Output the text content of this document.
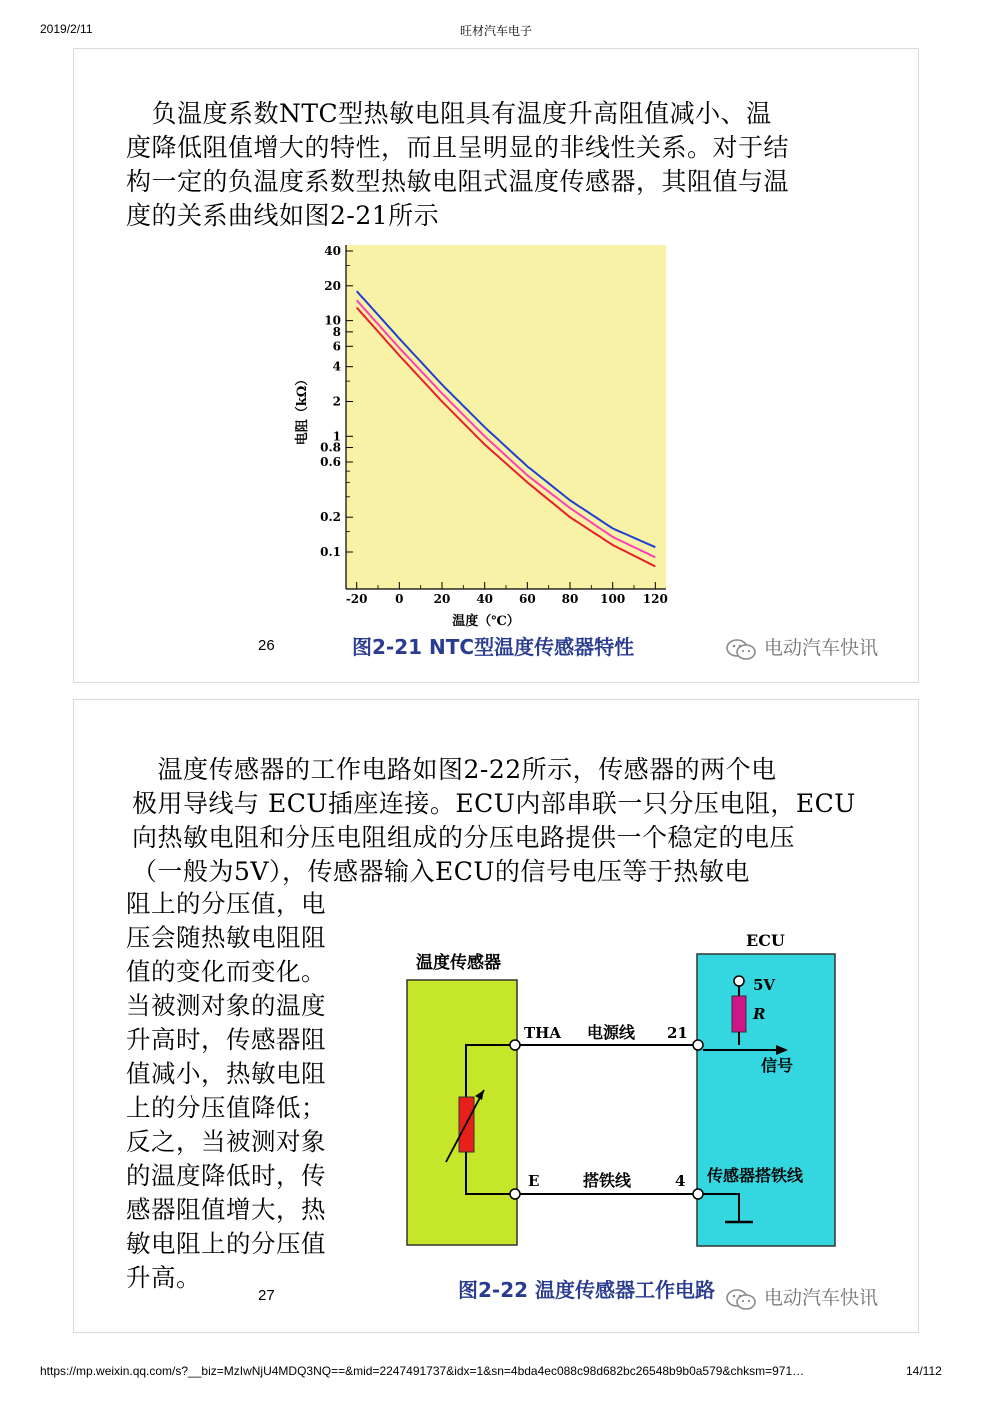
2019/2/11	旺材汽车电子
　负温度系数NTC型热敏电阻具有温度升高阻值减小、温
度降低阻值增大的特性，而且呈明显的非线性关系。对于结
构一定的负温度系数型热敏电阻式温度传感器，其阻值与温
度的关系曲线如图2-21所示
40
20
10
8
6
4
2
1
0.8
0.6
0.2
0.1
-20 0	20 40 60 80 100 120
温度（℃）
电阻（kΩ）
26	图2-21 NTC型温度传感器特性	电动汽车快讯
　温度传感器的工作电路如图2-22所示，传感器的两个电
极用导线与 ECU插座连接。ECU内部串联一只分压电阻，ECU
向热敏电阻和分压电阻组成的分压电路提供一个稳定的电压
（一般为5V），传感器输入ECU的信号电压等于热敏电
阻上的分压值，电
压会随热敏电阻阻
值的变化而变化。
当被测对象的温度
升高时，传感器阻
值减小，热敏电阻
上的分压值降低；
反之，当被测对象
的温度降低时，传
感器阻值增大，热
敏电阻上的分压值
升高。
温度传感器
ECU
THA 电源线 21
E	搭铁线	4
5V
R
信号
传感器搭铁线
27	图2-22 温度传感器工作电路	电动汽车快讯
https://mp.weixin.qq.com/s?__biz=MzIwNjU4MDQ3NQ==&mid=2247491737&idx=1&sn=4bda4ec088c98d682bc26548b9b0a579&chksm=971…	14/112
